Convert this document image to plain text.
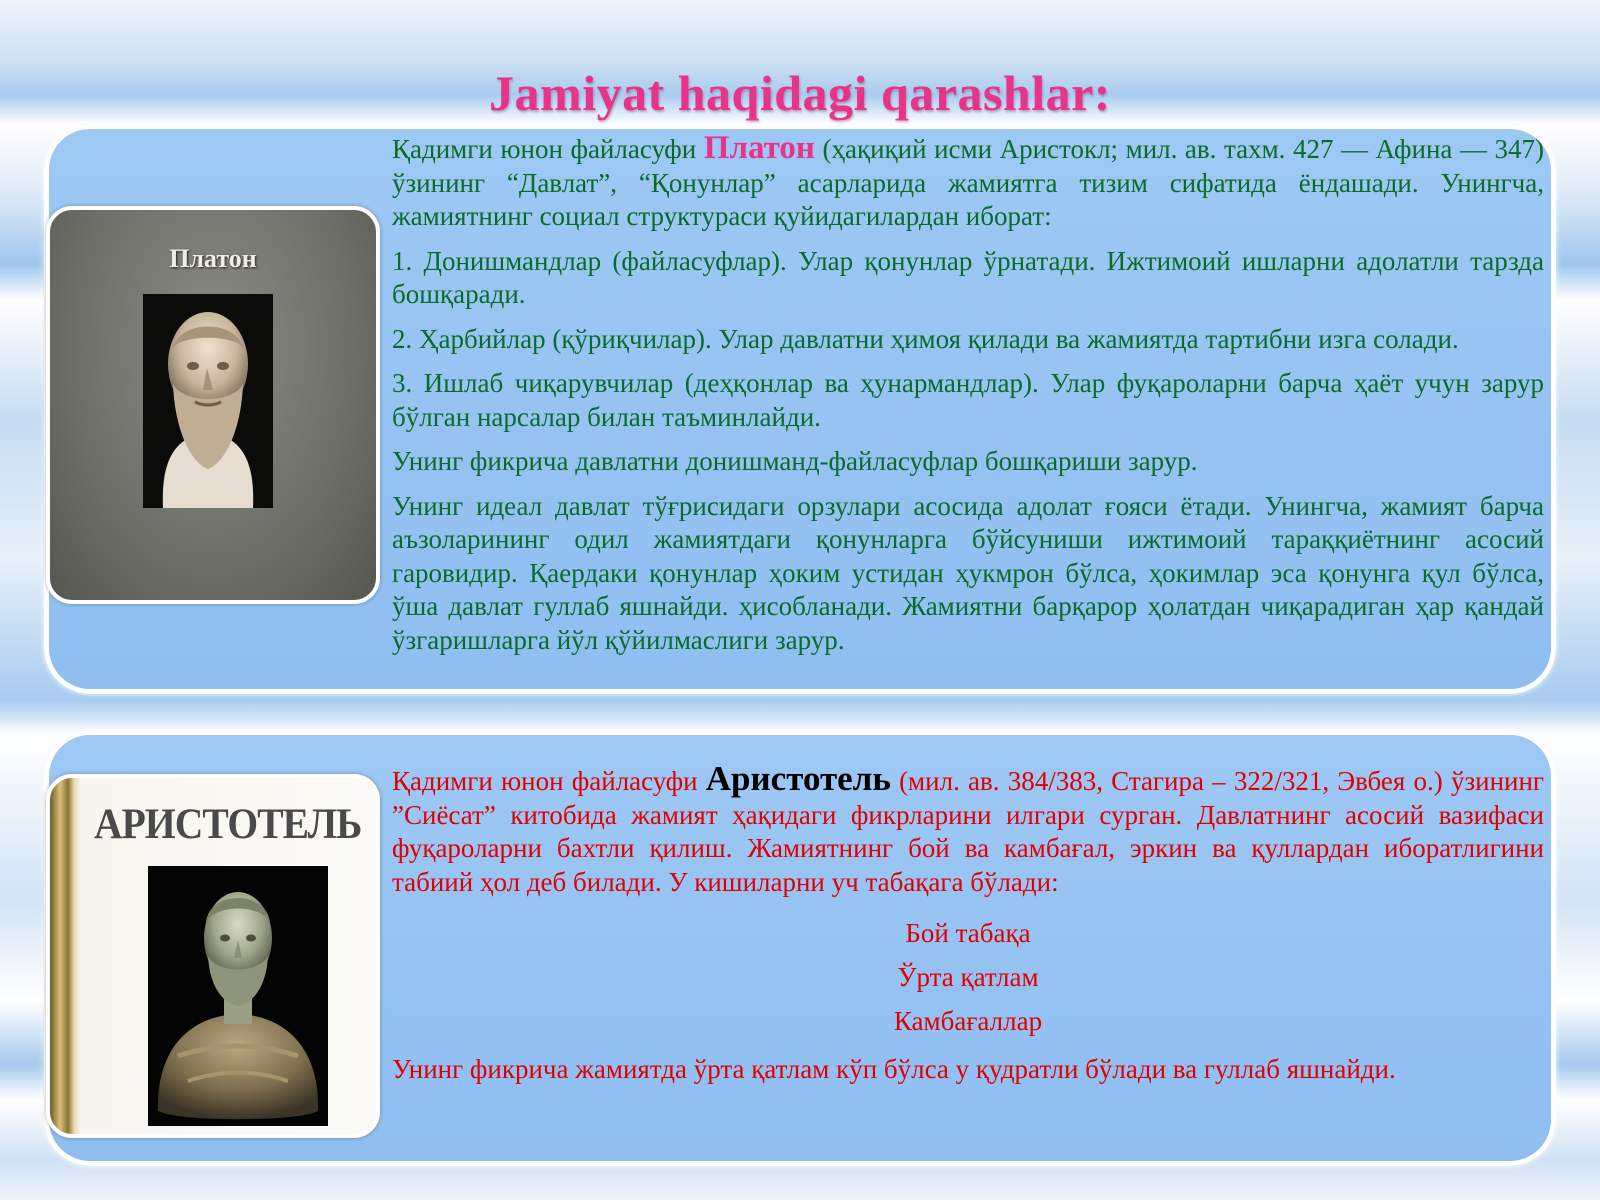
Jamiyat haqidagi qarashlar:
Платон
АРИСТОТЕЛЬ

Қадимги юнон файласуфи Платон (ҳақиқий исми Аристокл; мил. ав. тахм. 427 — Афина — 347) ўзининг “Давлат”, “Қонунлар” асарларида жамиятга тизим сифатида ёндашади. Унингча, жамиятнинг социал структураси қуйидагилардан иборат:

1. Донишмандлар (файласуфлар). Улар қонунлар ўрнатади. Ижтимоий ишларни адолатли тарзда бошқаради.

2. Ҳарбийлар (қўриқчилар). Улар давлатни ҳимоя қилади ва жамиятда тартибни изга солади.

3. Ишлаб чиқарувчилар (деҳқонлар ва ҳунармандлар). Улар фуқароларни барча ҳаёт учун зарур бўлган нарсалар билан таъминлайди.

Унинг фикрича давлатни донишманд-файласуфлар бошқариши зарур.

Унинг идеал давлат тўғрисидаги орзулари асосида адолат ғояси ётади. Унингча, жамият барча аъзоларининг одил жамиятдаги қонунларга бўйсуниши ижтимоий тараққиётнинг асосий гаровидир. Қаердаки қонунлар ҳоким устидан ҳукмрон бўлса, ҳокимлар эса қонунга қул бўлса, ўша давлат гуллаб яшнайди. ҳисобланади. Жамиятни барқарор ҳолатдан чиқарадиган ҳар қандай ўзгаришларга йўл қўйилмаслиги зарур.

Қадимги юнон файласуфи Аристотель (мил. ав. 384/383, Стагира – 322/321, Эвбея о.) ўзининг ”Сиёсат” китобида жамият ҳақидаги фикрларини илгари сурган. Давлатнинг асосий вазифаси фуқароларни бахтли қилиш. Жамиятнинг бой ва камбағал, эркин ва қуллардан иборатлигини табиий ҳол деб билади. У кишиларни уч табақага бўлади:

Бой табақа
Ўрта қатлам
Камбағаллар

Унинг фикрича жамиятда ўрта қатлам кўп бўлса у қудратли бўлади ва гуллаб яшнайди.
